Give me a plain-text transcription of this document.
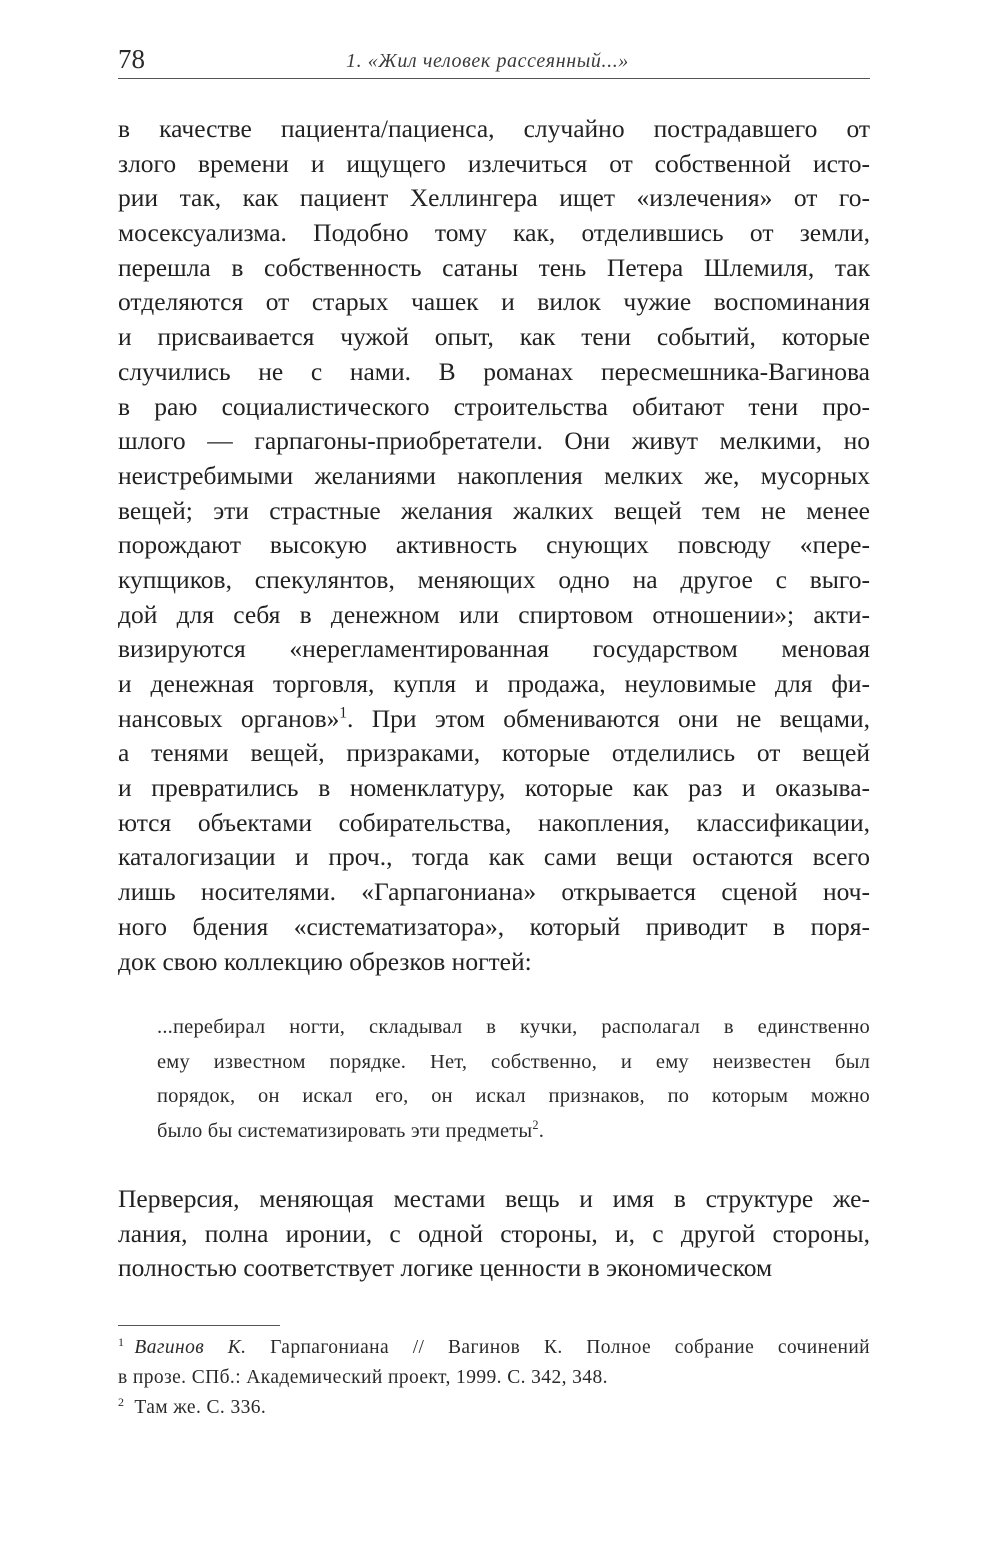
78	1. «Жил человек рассеянный...»
в качестве пациента/пациенса, случайно пострадавшего от
злого времени и ищущего излечиться от собственной исто-
рии так, как пациент Хеллингера ищет «излечения» от го-
мосексуализма. Подобно тому как, отделившись от земли,
перешла в собственность сатаны тень Петера Шлемиля, так
отделяются от старых чашек и вилок чужие воспоминания
и присваивается чужой опыт, как тени событий, которые
случились не с нами. В романах пересмешника-Вагинова
в раю социалистического строительства обитают тени про-
шлого — гарпагоны-приобретатели. Они живут мелкими, но
неистребимыми желаниями накопления мелких же, мусорных
вещей; эти страстные желания жалких вещей тем не менее
порождают высокую активность снующих повсюду «пере-
купщиков, спекулянтов, меняющих одно на другое с выго-
дой для себя в денежном или спиртовом отношении»; акти-
визируются «нерегламентированная государством меновая
и денежная торговля, купля и продажа, неуловимые для фи-
нансовых органов»$^1$. При этом обмениваются они не вещами,
a тенями вещей, призраками, которые отделились от вещей
и превратились в номенклатуру, которые как раз и оказыва-
ются объектами собирательства, накопления, классификации,
каталогизации и проч., тогда как сами вещи остаются всего
лишь носителями. «Гарпагониана» открывается сценой ноч-
ного бдения «систематизатора», который приводит в поря-
док свою коллекцию обрезков ногтей:
...перебирал ногти, складывал в кучки, располагал в единственно
ему известном порядке. Нет, собственно, и ему неизвестен был
порядок, он искал его, он искал признаков, по которым можно
было бы систематизировать эти предметы$^2$.
Перверсия, меняющая местами вещь и имя в структуре же-
лания, полна иронии, с одной стороны, и, с другой стороны,
полностью соответствует логике ценности в экономическом
$^1$ Вагинов К. Гарпагониана // Вагинов К. Полное собрание сочинений
в прозе. СПб.: Академический проект, 1999. С. 342, 348.
$^2$ Там же. С. 336.
